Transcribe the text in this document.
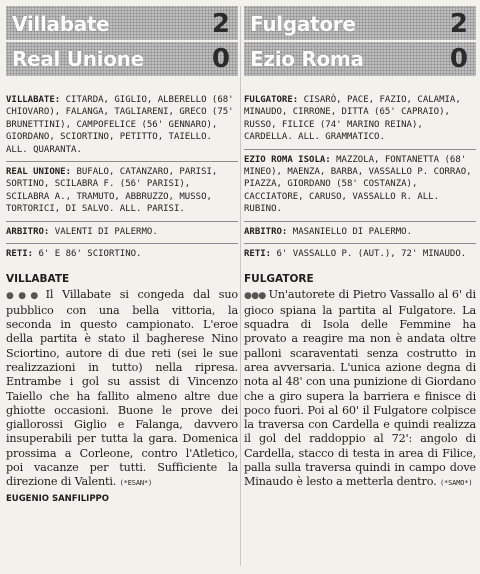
Villabate	2
Real Unione	0
VILLABATE: CITARDA, GIGLIO, ALBERELLO (68' CHIOVARO), FALANGA, TAGLIARENI, GRECO (75' BRUNETTINI), CAMPOFELICE (56' GENNARO), GIORDANO, SCIORTINO, PETITTO, TAIELLO. ALL. QUARANTA.
REAL UNIONE: BUFALO, CATANZARO, PARISI, SORTINO, SCILABRA F. (56' PARISI), SCILABRA A., TRAMUTO, ABBRUZZO, MUSSO, TORTORICI, DI SALVO. ALL. PARISI.
ARBITRO: VALENTI DI PALERMO.
RETI: 6' E 86' SCIORTINO.
VILLABATE

●●● Il Villabate si congeda dal suo pubblico con una bella vittoria, la seconda in questo campionato. L'eroe della partita è stato il bagherese Nino Sciortino, autore di due reti (sei le sue realizzazioni in tutto) nella ripresa. Entrambe i gol su assist di Vincenzo Taiello che ha fallito almeno altre due ghiotte occasioni. Buone le prove dei giallorossi Giglio e Falanga, davvero insuperabili per tutta la gara. Domenica prossima a Corleone, contro l'Atletico, poi vacanze per tutti. Sufficiente la direzione di Valenti. (*ESAN*)

EUGENIO SANFILIPPO
Fulgatore	2
Ezio Roma	0
FULGATORE: CISARÒ, PACE, FAZIO, CALAMIA, MINAUDO, CIRRONE, DITTA (65' CAPRAIO), RUSSO, FILICE (74' MARINO REINA), CARDELLA. ALL. GRAMMATICO.
EZIO ROMA ISOLA: MAZZOLA, FONTANETTA (68' MINEO), MAENZA, BARBA, VASSALLO P. CORRAO, PIAZZA, GIORDANO (58' COSTANZA), CACCIATORE, CARUSO, VASSALLO R. ALL. RUBINO.
ARBITRO: MASANIELLO DI PALERMO.
RETI: 6' VASSALLO P. (AUT.), 72' MINAUDO.
FULGATORE

●●● Un'autorete di Pietro Vassallo al 6' di gioco spiana la partita al Fulgatore. La squadra di Isola delle Femmine ha provato a reagire ma non è andata oltre palloni scaraventati senza costrutto in area avversaria. L'unica azione degna di nota al 48' con una punizione di Giordano che a giro supera la barriera e finisce di poco fuori. Poi al 60' il Fulgatore colpisce la traversa con Cardella e quindi realizza il gol del raddoppio al 72': angolo di Cardella, stacco di testa in area di Filice, palla sulla traversa quindi in campo dove Minaudo è lesto a metterla dentro. (*SAMO*)
